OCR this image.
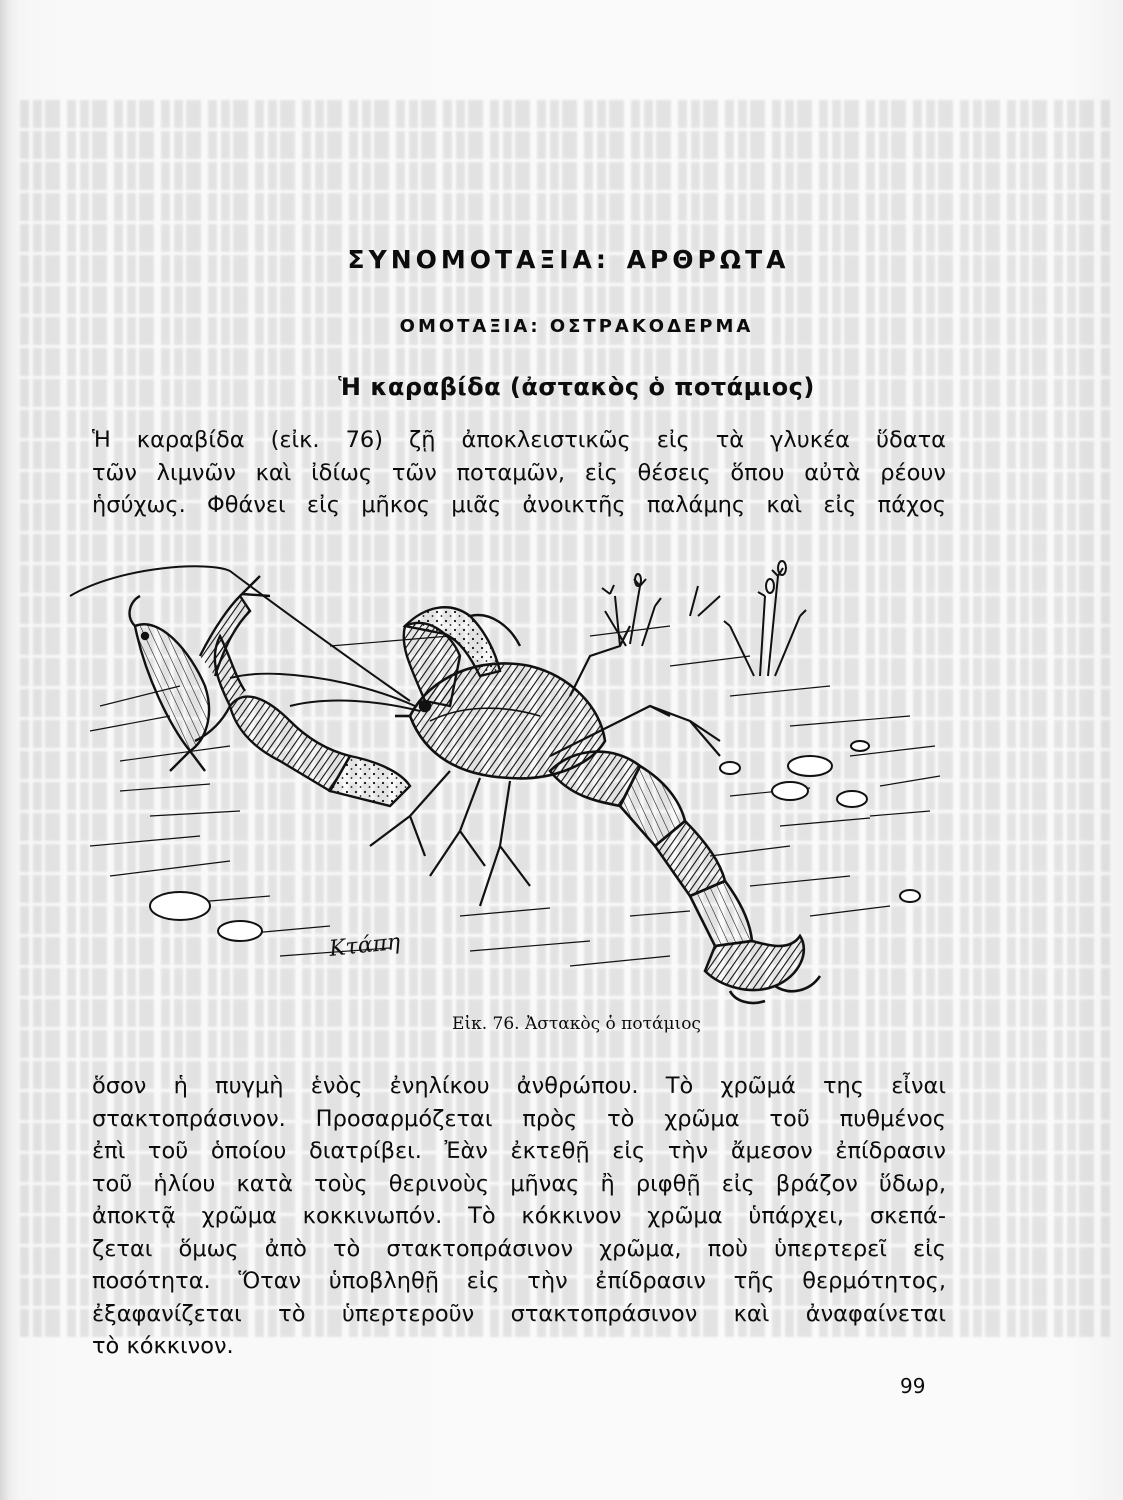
ΣΥΝΟΜΟΤΑΞΙΑ: ΑΡΘΡΩΤΑ
ΟΜΟΤΑΞΙΑ: ΟΣΤΡΑΚΟΔΕΡΜΑ
Ἡ καραβίδα (ἀστακὸς ὁ ποτάμιος)
Ἡ καραβίδα (εἰκ. 76) ζῇ ἀποκλειστικῶς εἰς τὰ γλυκέα ὕδατα
τῶν λιμνῶν καὶ ἰδίως τῶν ποταμῶν, εἰς θέσεις ὅπου αὐτὰ ρέουν
ἡσύχως. Φθάνει εἰς μῆκος μιᾶς ἀνοικτῆς παλάμης καὶ εἰς πάχος
Κτάπη
Εἰκ. 76. Ἀστακὸς ὁ ποτάμιος
ὅσον ἡ πυγμὴ ἑνὸς ἐνηλίκου ἀνθρώπου. Τὸ χρῶμά της εἶναι
στακτοπράσινον. Προσαρμόζεται πρὸς τὸ χρῶμα τοῦ πυθμένος
ἐπὶ τοῦ ὁποίου διατρίβει. Ἐὰν ἐκτεθῇ εἰς τὴν ἄμεσον ἐπίδρασιν
τοῦ ἡλίου κατὰ τοὺς θερινοὺς μῆνας ἢ ριφθῇ εἰς βράζον ὕδωρ,
ἀποκτᾷ χρῶμα κοκκινωπόν. Τὸ κόκκινον χρῶμα ὑπάρχει, σκεπά-
ζεται ὅμως ἀπὸ τὸ στακτοπράσινον χρῶμα, ποὺ ὑπερτερεῖ εἰς
ποσότητα. Ὅταν ὑποβληθῇ εἰς τὴν ἐπίδρασιν τῆς θερμότητος,
ἐξαφανίζεται τὸ ὑπερτεροῦν στακτοπράσινον καὶ ἀναφαίνεται
τὸ κόκκινον.
99
